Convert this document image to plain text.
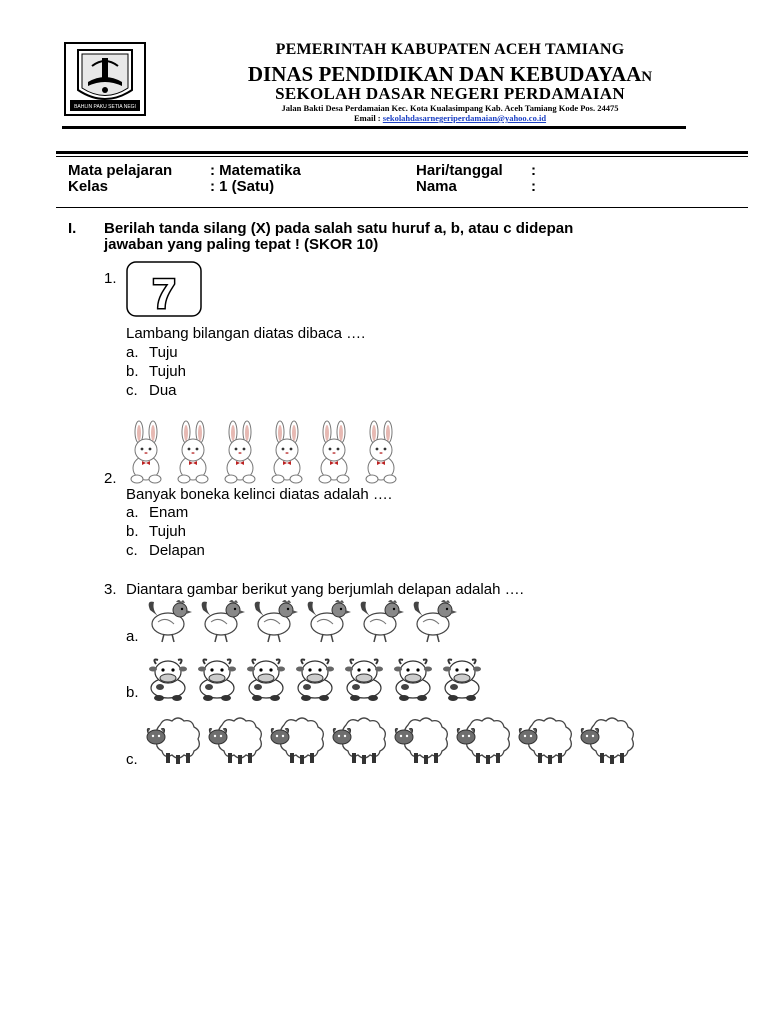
BAHLIN PAKU SETIA NEGI
PEMERINTAH KABUPATEN ACEH TAMIANG
DINAS PENDIDIKAN DAN KEBUDAYAAN
SEKOLAH DASAR NEGERI PERDAMAIAN
Jalan Bakti Desa Perdamaian Kec. Kota Kualasimpang Kab. Aceh Tamiang Kode Pos. 24475
Email : sekolahdasarnegeriperdamaian@yahoo.co.id
Mata pelajaran	: Matematika	Hari/tanggal :
Kelas	: 1 (Satu)	Nama	:
I. Berilah tanda silang (X) pada salah satu huruf a, b, atau c didepan
jawaban yang paling tepat ! (SKOR 10)
1. 7
Lambang bilangan diatas dibaca ….
a. Tuju
b. Tujuh
c. Dua
2.
Banyak boneka kelinci diatas adalah ….
a. Enam
b. Tujuh
c. Delapan
3. Diantara gambar berikut yang berjumlah delapan adalah ….
a.
b.
c.
